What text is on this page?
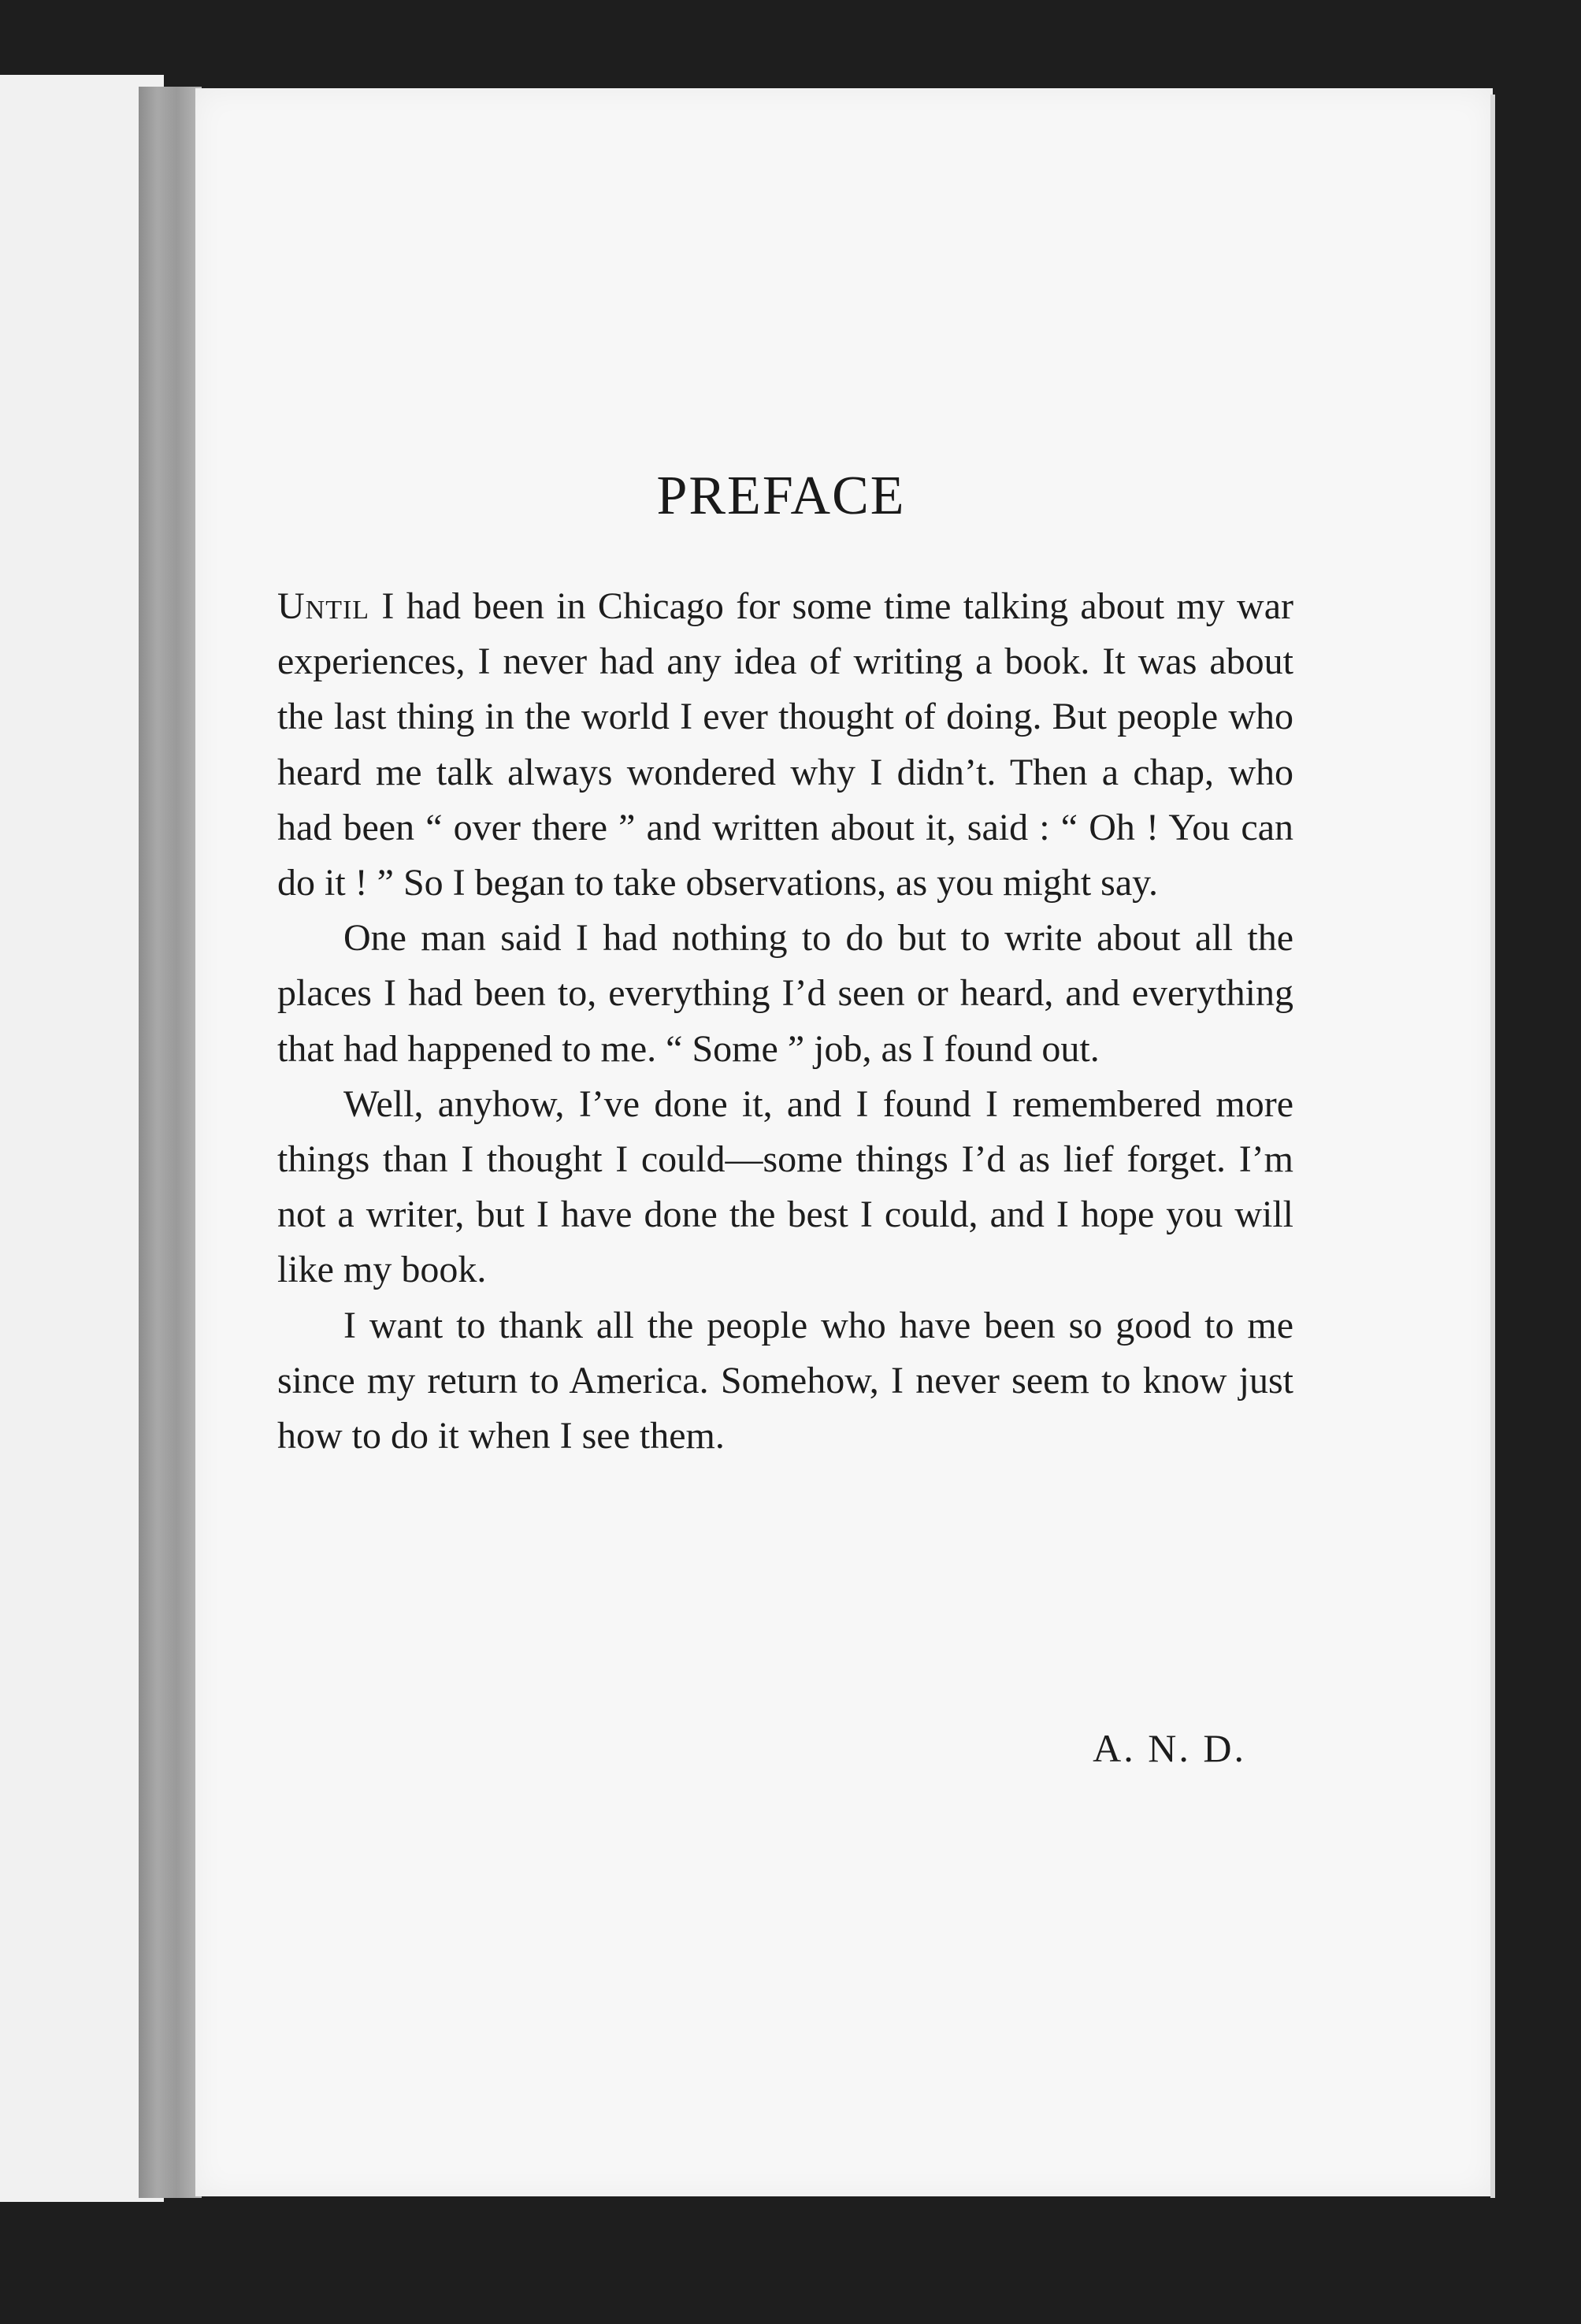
PREFACE

Until I had been in Chicago for some time talking about my war experiences, I never had any idea of writing a book. It was about the last thing in the world I ever thought of doing. But people who heard me talk always wondered why I didn’t. Then a chap, who had been “ over there ” and written about it, said : “ Oh ! You can do it ! ” So I began to take observations, as you might say.

One man said I had nothing to do but to write about all the places I had been to, everything I’d seen or heard, and everything that had happened to me. “ Some ” job, as I found out.

Well, anyhow, I’ve done it, and I found I remembered more things than I thought I could—some things I’d as lief forget. I’m not a writer, but I have done the best I could, and I hope you will like my book.

I want to thank all the people who have been so good to me since my return to America. Somehow, I never seem to know just how to do it when I see them.

A. N. D.
